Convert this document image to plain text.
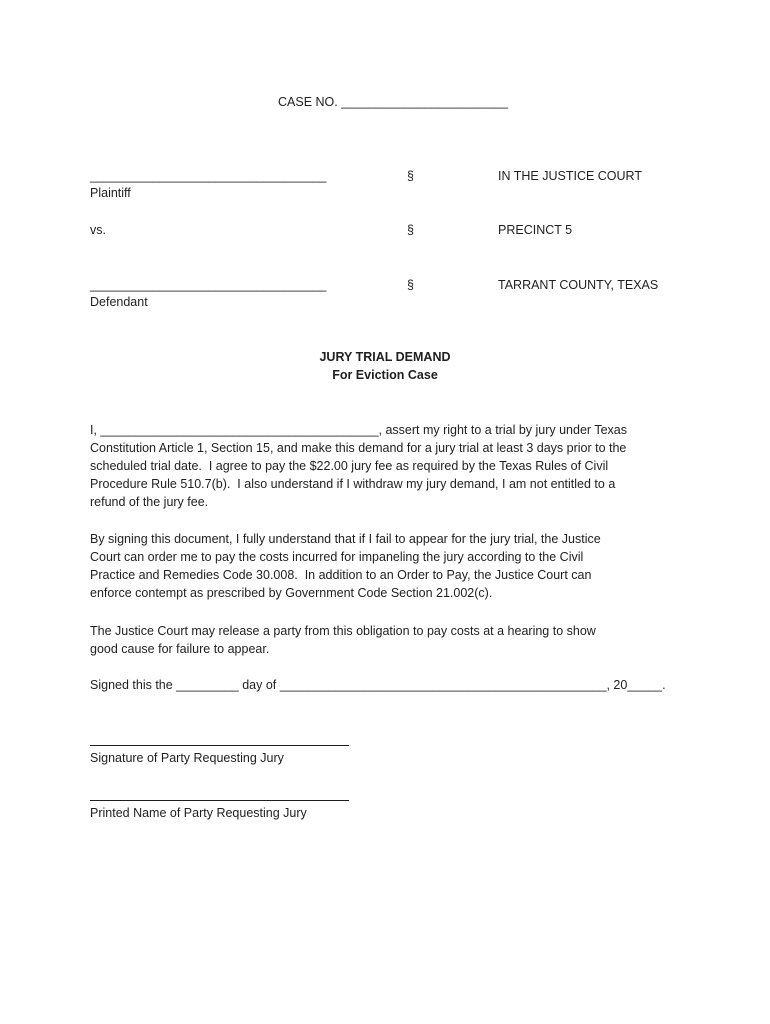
CASE NO. ________________________
__________________________________
Plaintiff
§	IN THE JUSTICE COURT
vs.	§	PRECINCT 5
__________________________________
Defendant
§	TARRANT COUNTY, TEXAS
JURY TRIAL DEMAND
For Eviction Case
I, ________________________________________, assert my right to a trial by jury under Texas
Constitution Article 1, Section 15, and make this demand for a jury trial at least 3 days prior to the
scheduled trial date.  I agree to pay the $22.00 jury fee as required by the Texas Rules of Civil
Procedure Rule 510.7(b).  I also understand if I withdraw my jury demand, I am not entitled to a
refund of the jury fee.
By signing this document, I fully understand that if I fail to appear for the jury trial, the Justice
Court can order me to pay the costs incurred for impaneling the jury according to the Civil
Practice and Remedies Code 30.008.  In addition to an Order to Pay, the Justice Court can
enforce contempt as prescribed by Government Code Section 21.002(c).
The Justice Court may release a party from this obligation to pay costs at a hearing to show
good cause for failure to appear.
Signed this the _________ day of _______________________________________________, 20_____.
Signature of Party Requesting Jury
Printed Name of Party Requesting Jury
